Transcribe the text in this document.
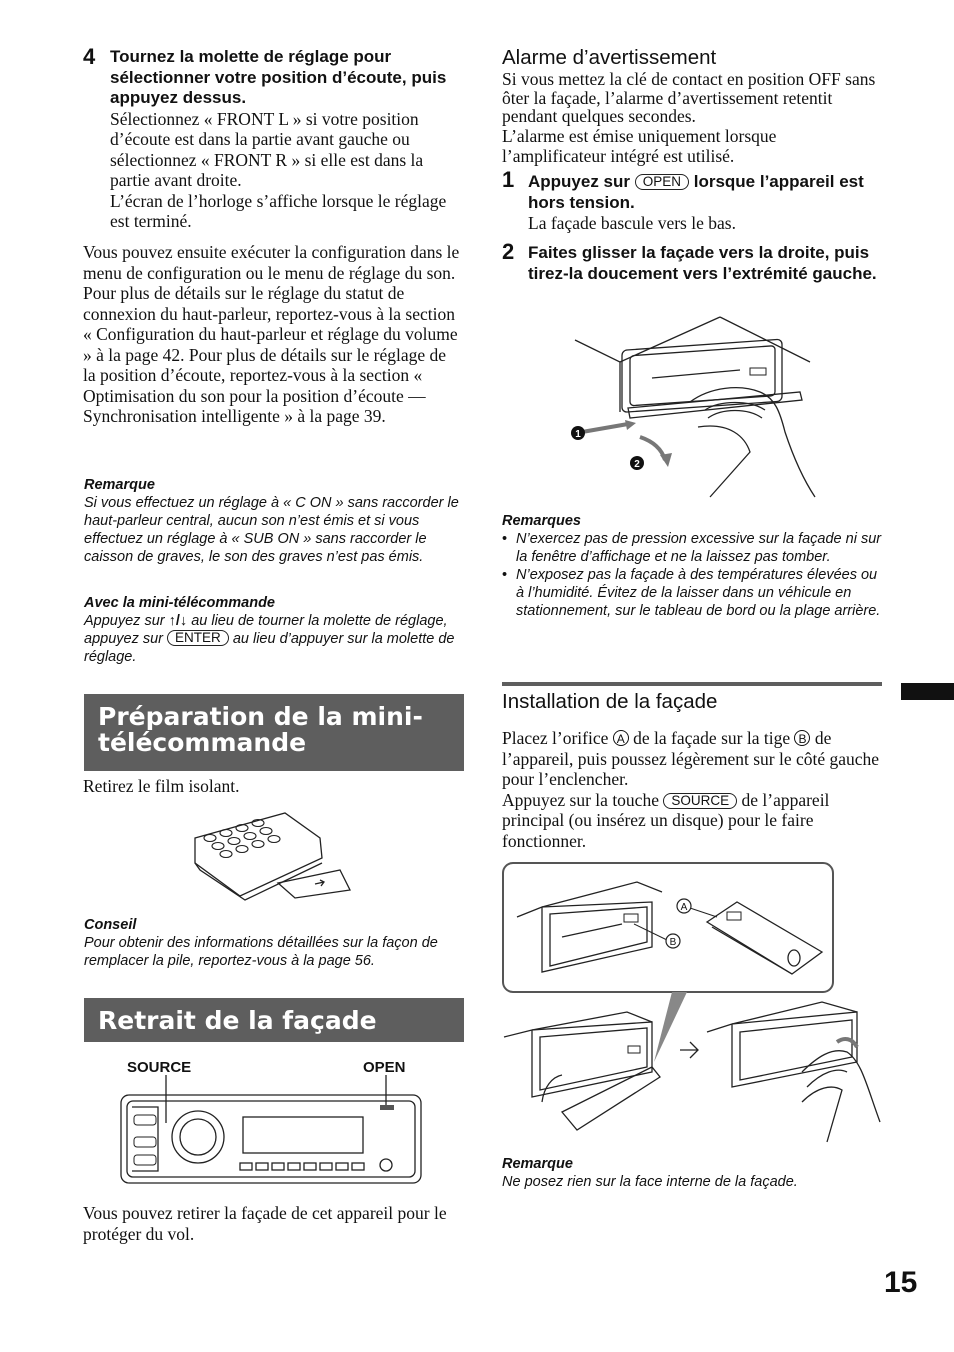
4 Tournez la molette de réglage pour sélectionner votre position d’écoute, puis appuyez dessus.
Sélectionnez « FRONT L » si votre position d’écoute est dans la partie avant gauche ou sélectionnez « FRONT R » si elle est dans la partie avant droite.
L’écran de l’horloge s’affiche lorsque le réglage est terminé.
Vous pouvez ensuite exécuter la configuration dans le menu de configuration ou le menu de réglage du son.
Pour plus de détails sur le réglage du statut de connexion du haut-parleur, reportez-vous à la section « Configuration du haut-parleur et réglage du volume » à la page 42. Pour plus de détails sur le réglage de la position d’écoute, reportez-vous à la section « Optimisation du son pour la position d’écoute — Synchronisation intelligente » à la page 39.
Remarque
Si vous effectuez un réglage à « C ON » sans raccorder le haut-parleur central, aucun son n’est émis et si vous effectuez un réglage à « SUB ON » sans raccorder le caisson de graves, le son des graves n’est pas émis.
Avec la mini-télécommande
Appuyez sur ↑/↓ au lieu de tourner la molette de réglage, appuyez sur ENTER au lieu d’appuyer sur la molette de réglage.
Préparation de la mini-télécommande
Retirez le film isolant.
Conseil
Pour obtenir des informations détaillées sur la façon de remplacer la pile, reportez-vous à la page 56.
Retrait de la façade
SOURCE	OPEN
Vous pouvez retirer la façade de cet appareil pour le protéger du vol.
Alarme d’avertissement
Si vous mettez la clé de contact en position OFF sans ôter la façade, l’alarme d’avertissement retentit pendant quelques secondes.
L’alarme est émise uniquement lorsque l’amplificateur intégré est utilisé.
1 Appuyez sur OPEN lorsque l’appareil est hors tension.
La façade bascule vers le bas.
2 Faites glisser la façade vers la droite, puis tirez-la doucement vers l’extrémité gauche.
1
2
Remarques
• N’exercez pas de pression excessive sur la façade ni sur la fenêtre d’affichage et ne la laissez pas tomber.
• N’exposez pas la façade à des températures élevées ou à l’humidité. Évitez de la laisser dans un véhicule en stationnement, sur le tableau de bord ou la plage arrière.
Installation de la façade
Placez l’orifice A de la façade sur la tige B de l’appareil, puis poussez légèrement sur le côté gauche pour l’enclencher.
Appuyez sur la touche SOURCE de l’appareil principal (ou insérez un disque) pour le faire fonctionner.
B
A
Remarque
Ne posez rien sur la face interne de la façade.
15
